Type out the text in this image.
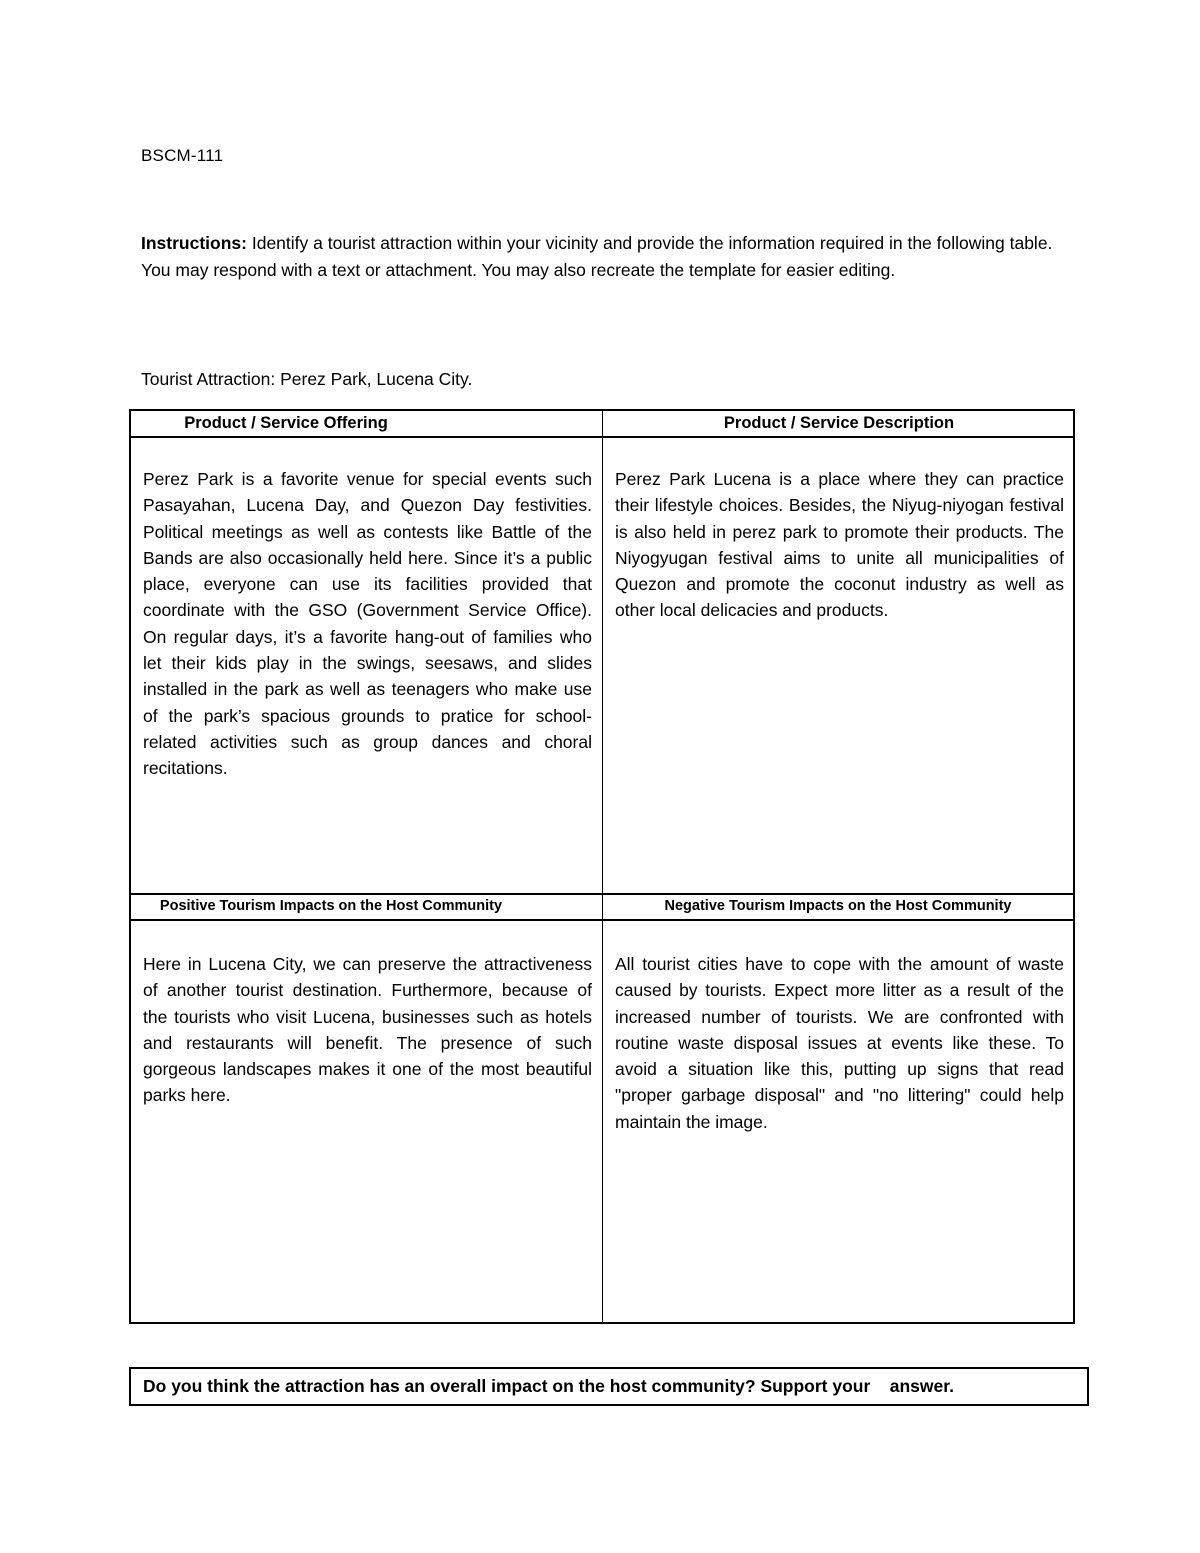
BSCM-111
Instructions: Identify a tourist attraction within your vicinity and provide the information required in the following table. You may respond with a text or attachment. You may also recreate the template for easier editing.
Tourist Attraction: Perez Park, Lucena City.
Product / Service Offering	Product / Service Description
Positive Tourism Impacts on the Host Community	Negative Tourism Impacts on the Host Community

Perez Park is a favorite venue for special events such Pasayahan, Lucena Day, and Quezon Day festivities. Political meetings as well as contests like Battle of the Bands are also occasionally held here. Since it’s a public place, everyone can use its facilities provided that coordinate with the GSO (Government Service Office). On regular days, it’s a favorite hang-out of families who let their kids play in the swings, seesaws, and slides installed in the park as well as teenagers who make use of the park’s spacious grounds to pratice for school-related activities such as group dances and choral recitations.

Perez Park Lucena is a place where they can practice their lifestyle choices. Besides, the Niyug-niyogan festival is also held in perez park to promote their products. The Niyogyugan festival aims to unite all municipalities of Quezon and promote the coconut industry as well as other local delicacies and products.

Here in Lucena City, we can preserve the attractiveness of another tourist destination. Furthermore, because of the tourists who visit Lucena, businesses such as hotels and restaurants will benefit. The presence of such gorgeous landscapes makes it one of the most beautiful parks here.

All tourist cities have to cope with the amount of waste caused by tourists. Expect more litter as a result of the increased number of tourists. We are confronted with routine waste disposal issues at events like these. To avoid a situation like this, putting up signs that read "proper garbage disposal" and "no littering" could help maintain the image.

Do you think the attraction has an overall impact on the host community? Support your    answer.
